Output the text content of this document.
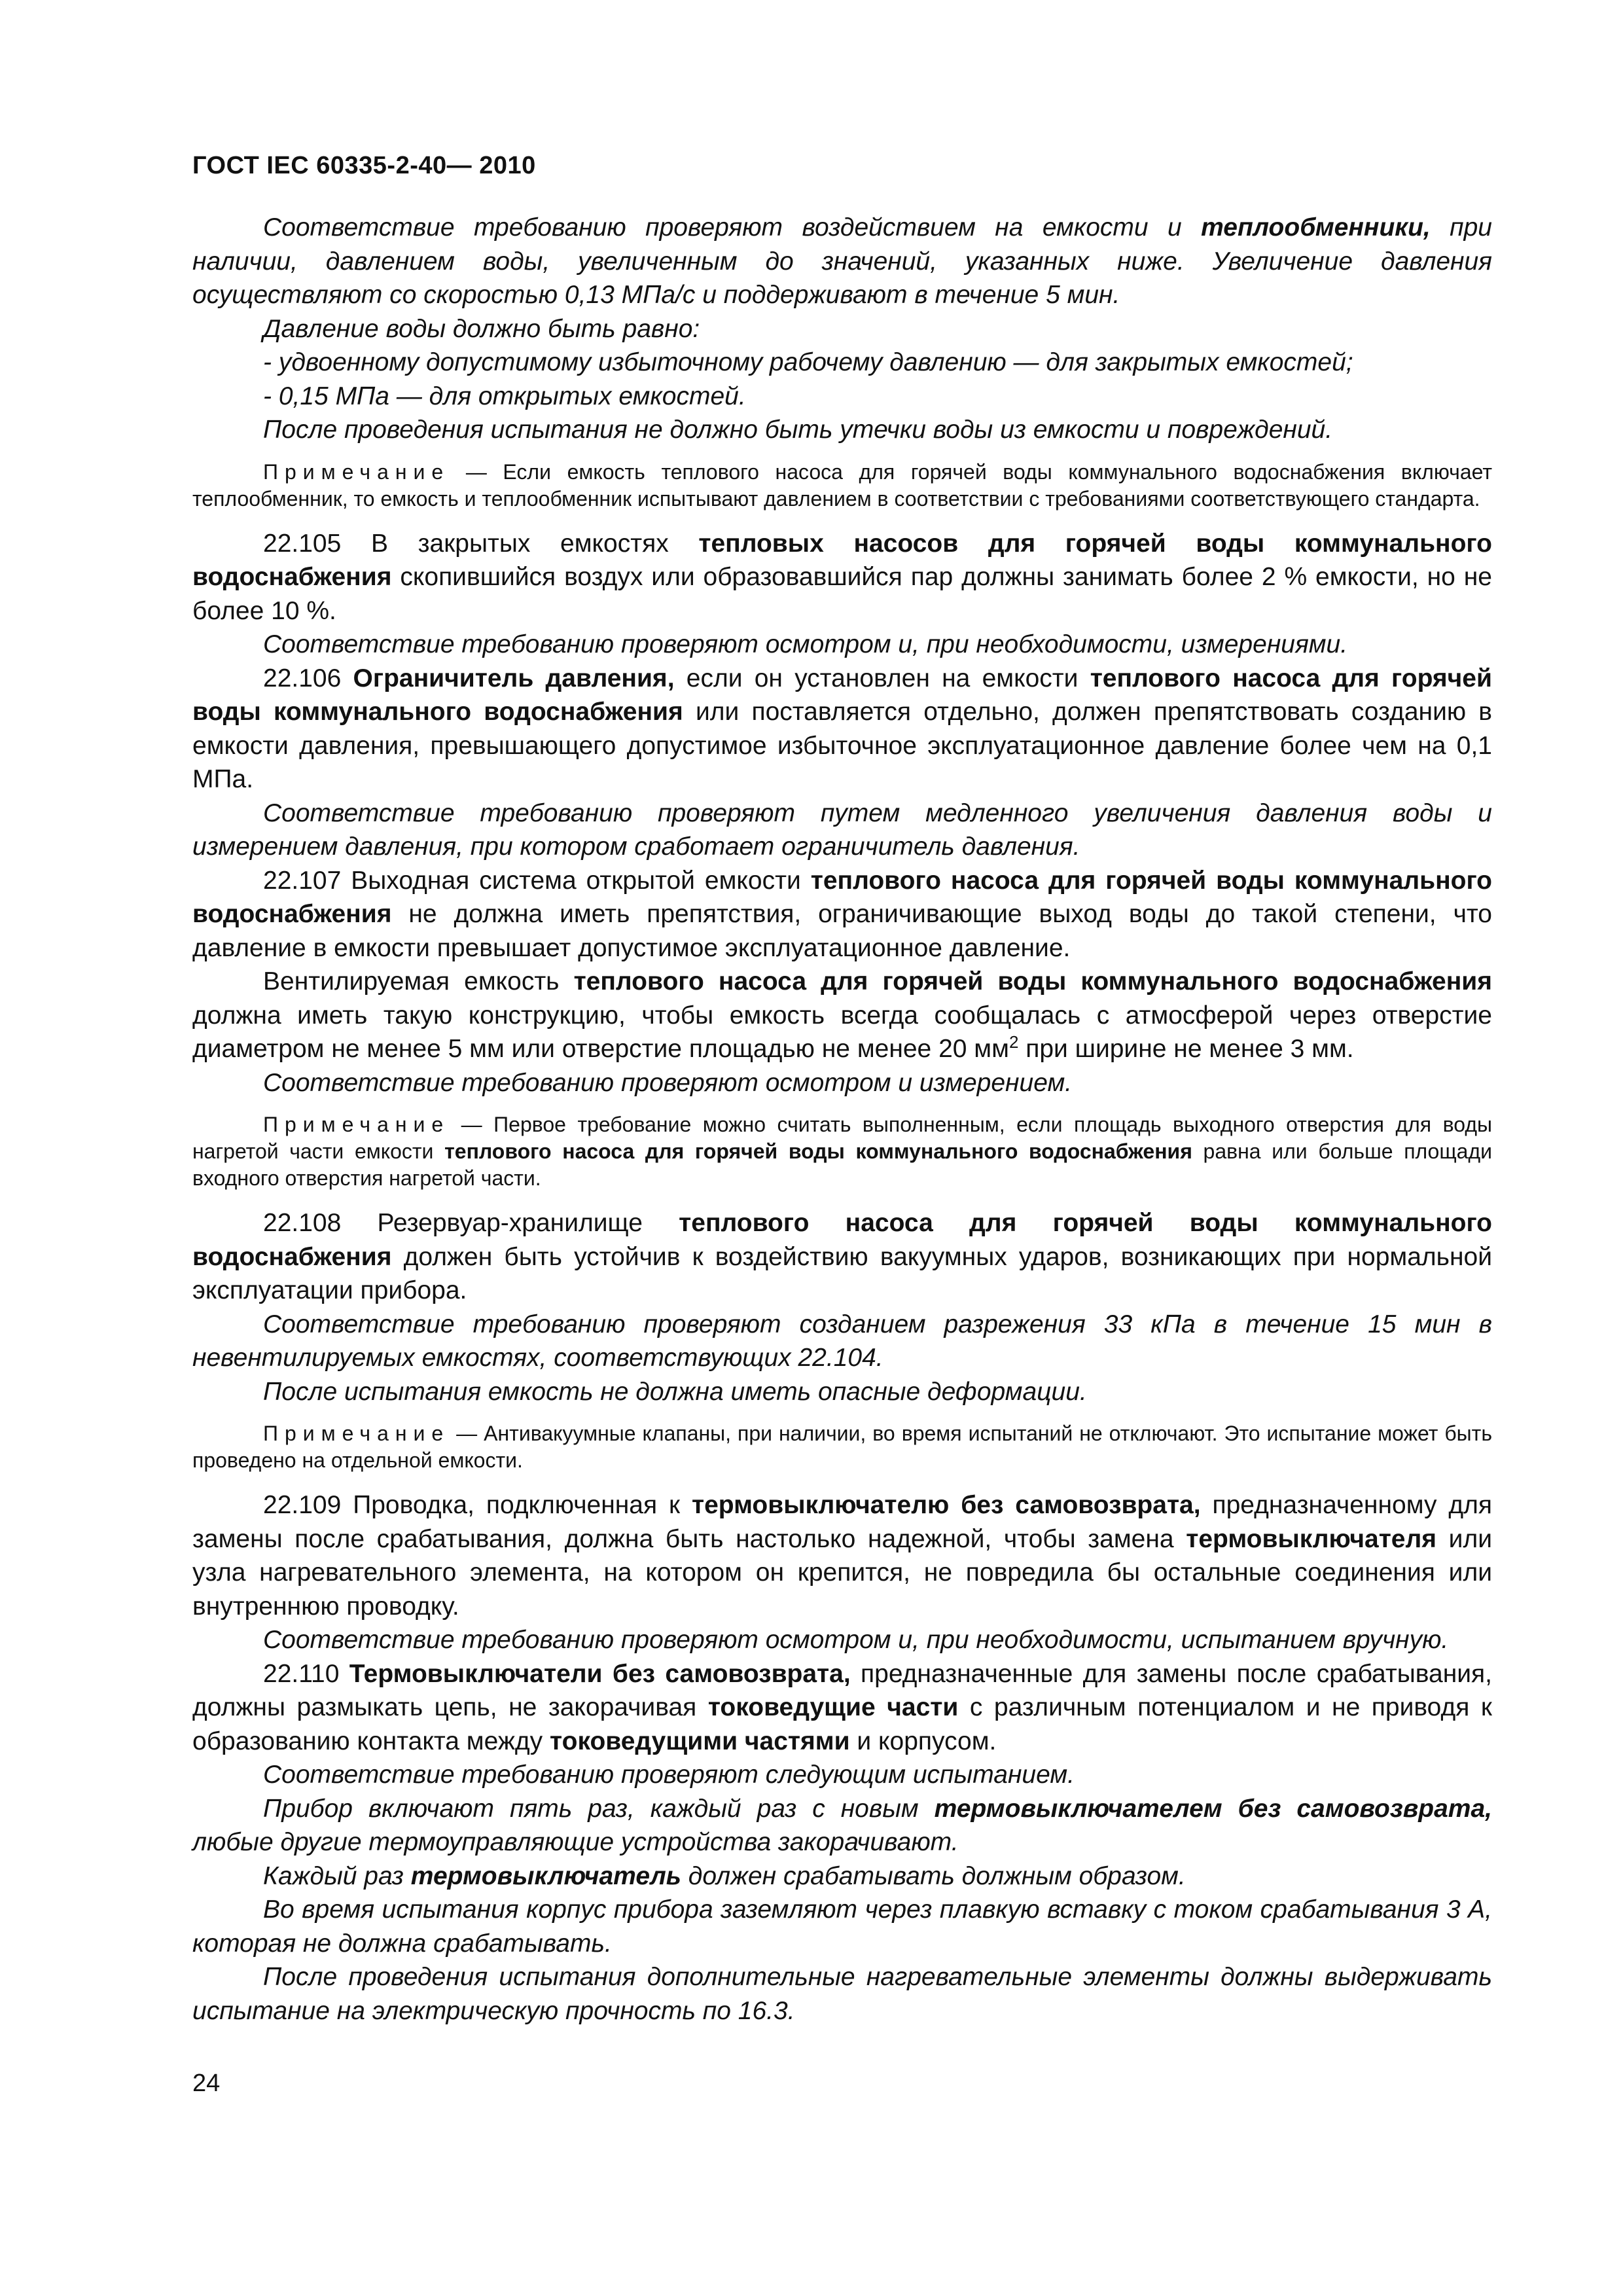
ГОСТ IEC 60335-2-40— 2010

Соответствие требованию проверяют воздействием на емкости и теплообменники, при наличии, давлением воды, увеличенным до значений, указанных ниже. Увеличение давления осуществляют со скоростью 0,13 МПа/с и поддерживают в течение 5 мин.

Давление воды должно быть равно:

- удвоенному допустимому избыточному рабочему давлению — для закрытых емкостей;

- 0,15 МПа — для открытых емкостей.

После проведения испытания не должно быть утечки воды из емкости и повреждений.

Примечание — Если емкость теплового насоса для горячей воды коммунального водоснабжения включает теплообменник, то емкость и теплообменник испытывают давлением в соответствии с требованиями соответствующего стандарта.

22.105 В закрытых емкостях тепловых насосов для горячей воды коммунального водоснабжения скопившийся воздух или образовавшийся пар должны занимать более 2 % емкости, но не более 10 %.

Соответствие требованию проверяют осмотром и, при необходимости, измерениями.

22.106 Ограничитель давления, если он установлен на емкости теплового насоса для горячей воды коммунального водоснабжения или поставляется отдельно, должен препятствовать созданию в емкости давления, превышающего допустимое избыточное эксплуатационное давление более чем на 0,1 МПа.

Соответствие требованию проверяют путем медленного увеличения давления воды и измерением давления, при котором сработает ограничитель давления.

22.107 Выходная система открытой емкости теплового насоса для горячей воды коммунального водоснабжения не должна иметь препятствия, ограничивающие выход воды до такой степени, что давление в емкости превышает допустимое эксплуатационное давление.

Вентилируемая емкость теплового насоса для горячей воды коммунального водоснабжения должна иметь такую конструкцию, чтобы емкость всегда сообщалась с атмосферой через отверстие диаметром не менее 5 мм или отверстие площадью не менее 20 $мм^2$ при ширине не менее 3 мм.

Соответствие требованию проверяют осмотром и измерением.

Примечание — Первое требование можно считать выполненным, если площадь выходного отверстия для воды нагретой части емкости теплового насоса для горячей воды коммунального водоснабжения равна или больше площади входного отверстия нагретой части.

22.108 Резервуар-хранилище теплового насоса для горячей воды коммунального водоснабжения должен быть устойчив к воздействию вакуумных ударов, возникающих при нормальной эксплуатации прибора.

Соответствие требованию проверяют созданием разрежения 33 кПа в течение 15 мин в невентилируемых емкостях, соответствующих 22.104.

После испытания емкость не должна иметь опасные деформации.

Примечание — Антивакуумные клапаны, при наличии, во время испытаний не отключают. Это испытание может быть проведено на отдельной емкости.

22.109 Проводка, подключенная к термовыключателю без самовозврата, предназначенному для замены после срабатывания, должна быть настолько надежной, чтобы замена термовыключателя или узла нагревательного элемента, на котором он крепится, не повредила бы остальные соединения или внутреннюю проводку.

Соответствие требованию проверяют осмотром и, при необходимости, испытанием вручную.

22.110 Термовыключатели без самовозврата, предназначенные для замены после срабатывания, должны размыкать цепь, не закорачивая токоведущие части с различным потенциалом и не приводя к образованию контакта между токоведущими частями и корпусом.

Соответствие требованию проверяют следующим испытанием.

Прибор включают пять раз, каждый раз с новым термовыключателем без самовозврата, любые другие термоуправляющие устройства закорачивают.

Каждый раз термовыключатель должен срабатывать должным образом.

Во время испытания корпус прибора заземляют через плавкую вставку с током срабатывания 3 А, которая не должна срабатывать.

После проведения испытания дополнительные нагревательные элементы должны выдерживать испытание на электрическую прочность по 16.3.

24
